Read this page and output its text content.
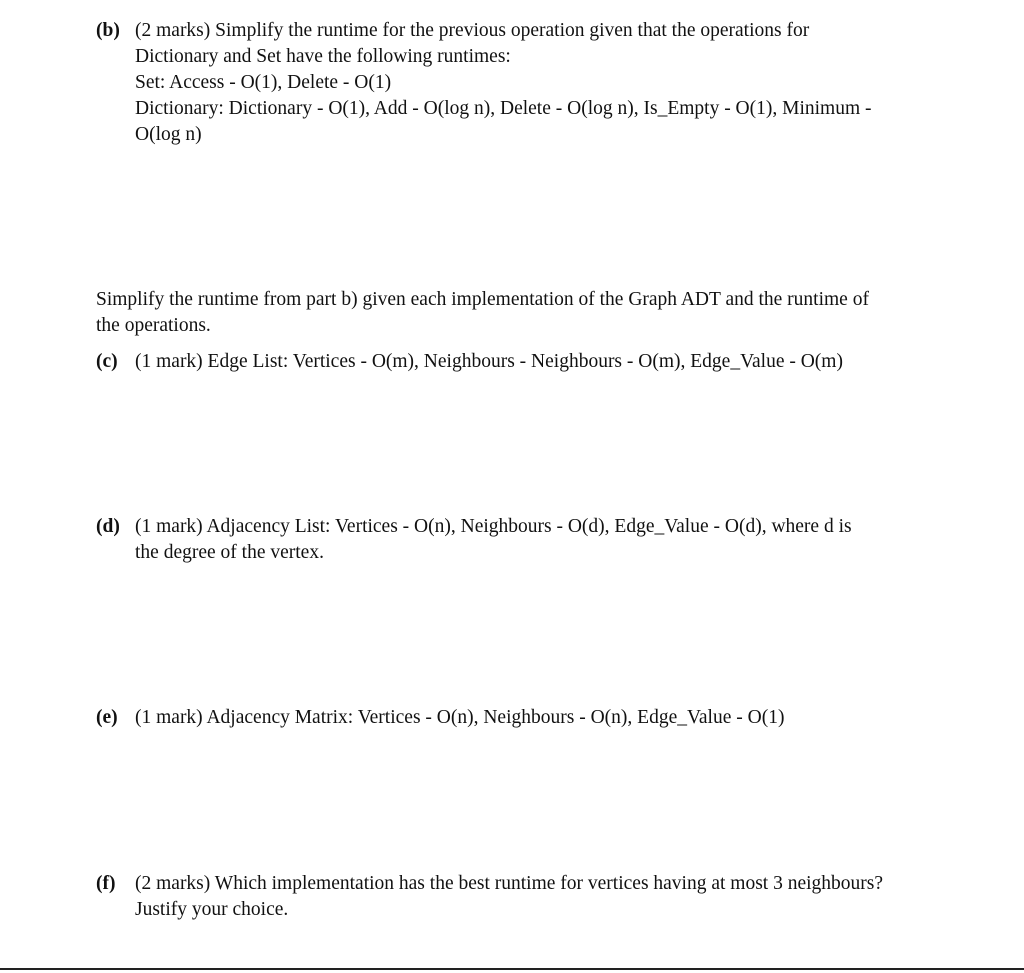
(b) (2 marks) Simplify the runtime for the previous operation given that the operations for
Dictionary and Set have the following runtimes:
Set: Access - O(1), Delete - O(1)
Dictionary: Dictionary - O(1), Add - O(log n), Delete - O(log n), Is_Empty - O(1), Minimum -
O(log n)
Simplify the runtime from part b) given each implementation of the Graph ADT and the runtime of
the operations.
(c) (1 mark) Edge List: Vertices - O(m), Neighbours - Neighbours - O(m), Edge_Value - O(m)
(d) (1 mark) Adjacency List: Vertices - O(n), Neighbours - O(d), Edge_Value - O(d), where d is
the degree of the vertex.
(e) (1 mark) Adjacency Matrix: Vertices - O(n), Neighbours - O(n), Edge_Value - O(1)
(f)	(2 marks) Which implementation has the best runtime for vertices having at most 3 neighbours?
Justify your choice.
